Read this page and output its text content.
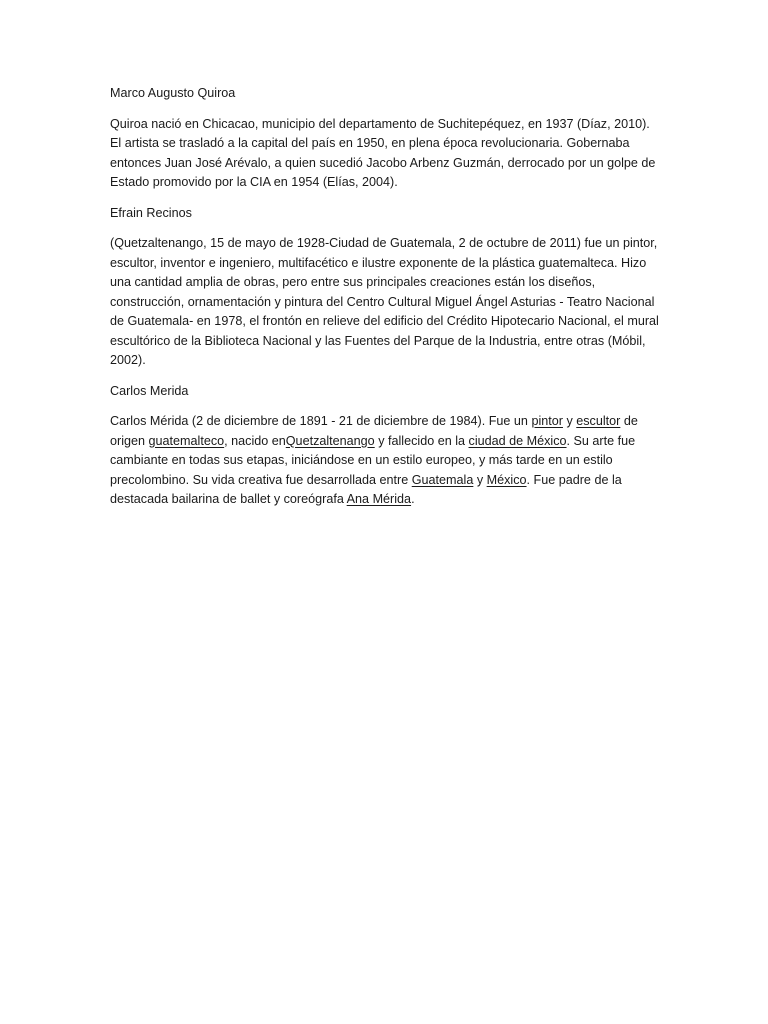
Marco Augusto Quiroa

Quiroa nació en Chicacao, municipio del departamento de Suchitepéquez, en 1937 (Díaz, 2010). El artista se trasladó a la capital del país en 1950, en plena época revolucionaria. Gobernaba entonces Juan José Arévalo, a quien sucedió Jacobo Arbenz Guzmán, derrocado por un golpe de Estado promovido por la CIA en 1954 (Elías, 2004).

Efrain Recinos

(Quetzaltenango, 15 de mayo de 1928-Ciudad de Guatemala, 2 de octubre de 2011) fue un pintor, escultor, inventor e ingeniero, multifacético e ilustre exponente de la plástica guatemalteca. Hizo una cantidad amplia de obras, pero entre sus principales creaciones están los diseños, construcción, ornamentación y pintura del Centro Cultural Miguel Ángel Asturias - Teatro Nacional de Guatemala- en 1978, el frontón en relieve del edificio del Crédito Hipotecario Nacional, el mural escultórico de la Biblioteca Nacional y las Fuentes del Parque de la Industria, entre otras (Móbil, 2002).

Carlos Merida

Carlos Mérida (2 de diciembre de 1891 - 21 de diciembre de 1984). Fue un pintor y escultor de origen guatemalteco, nacido enQuetzaltenango y fallecido en la ciudad de México. Su arte fue cambiante en todas sus etapas, iniciándose en un estilo europeo, y más tarde en un estilo precolombino. Su vida creativa fue desarrollada entre Guatemala y México. Fue padre de la destacada bailarina de ballet y coreógrafa Ana Mérida.
